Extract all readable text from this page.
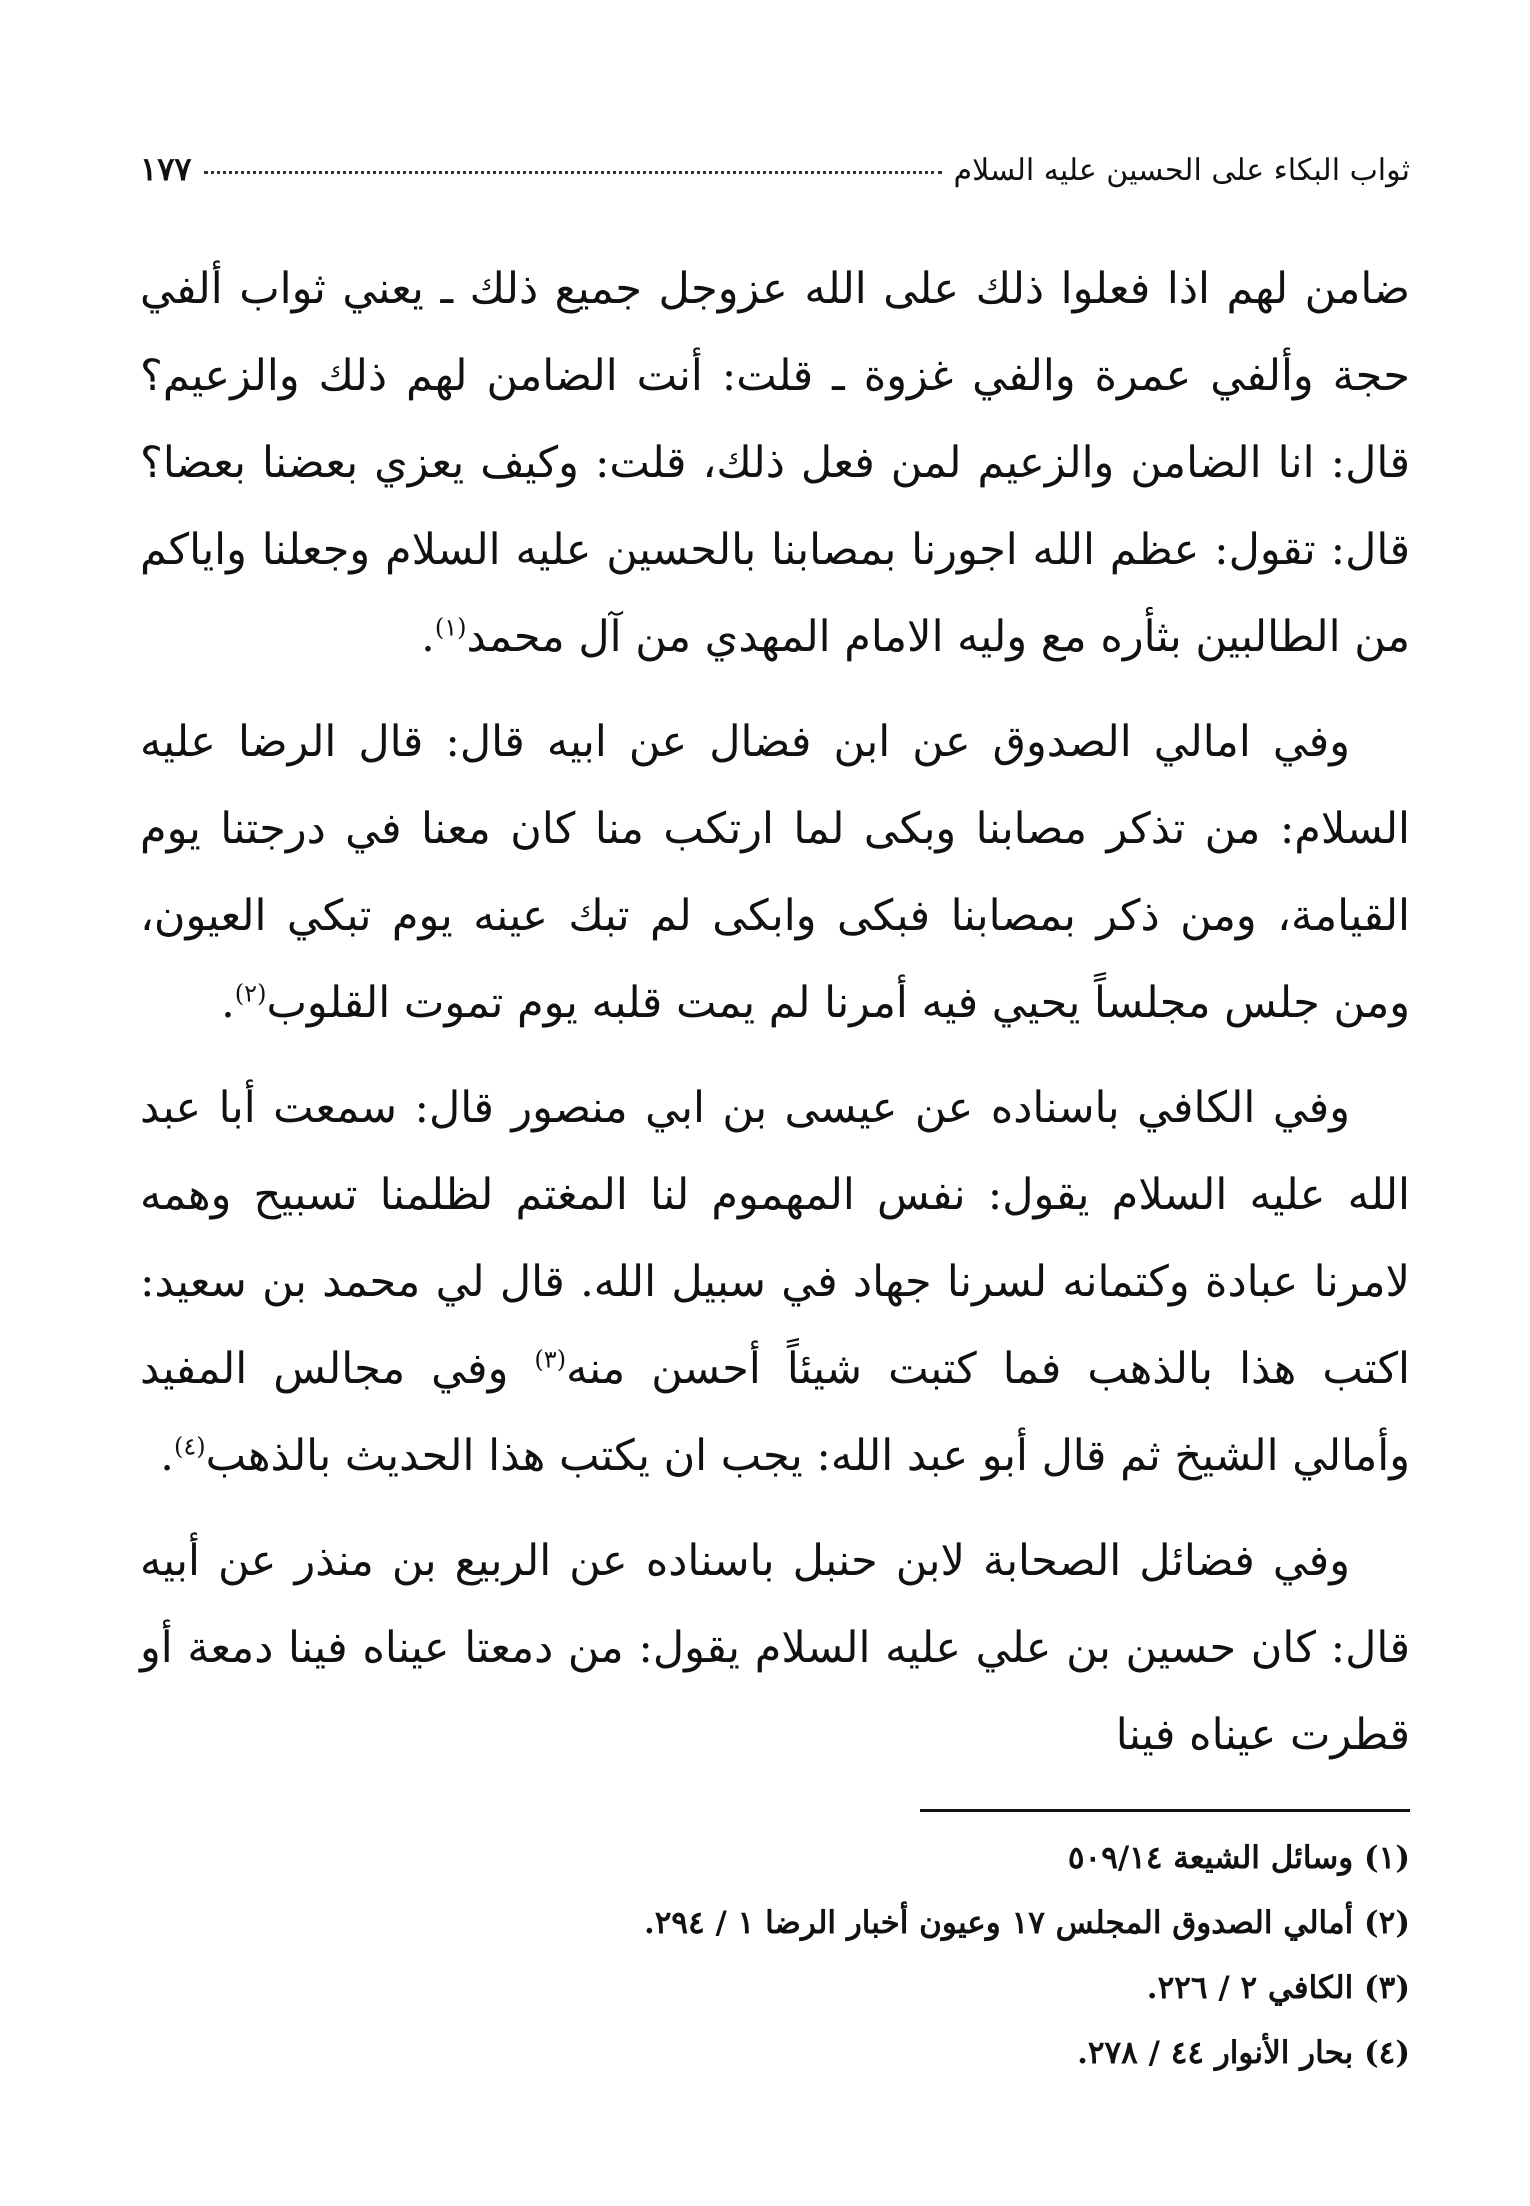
ثواب البكاء على الحسين عليه السلام
١٧٧

ضامن لهم اذا فعلوا ذلك على الله عزوجل جميع ذلك ـ يعني ثواب ألفي حجة وألفي عمرة والفي غزوة ـ قلت: أنت الضامن لهم ذلك والزعيم؟ قال: انا الضامن والزعيم لمن فعل ذلك، قلت: وكيف يعزي بعضنا بعضا؟ قال: تقول: عظم الله اجورنا بمصابنا بالحسين عليه السلام وجعلنا واياكم من الطالبين بثأره مع وليه الامام المهدي من آل محمد$^{(١)}$.

وفي امالي الصدوق عن ابن فضال عن ابيه قال: قال الرضا عليه السلام: من تذكر مصابنا وبكى لما ارتكب منا كان معنا في درجتنا يوم القيامة، ومن ذكر بمصابنا فبكى وابكى لم تبك عينه يوم تبكي العيون، ومن جلس مجلساً يحيي فيه أمرنا لم يمت قلبه يوم تموت القلوب$^{(٢)}$.

وفي الكافي باسناده عن عيسى بن ابي منصور قال: سمعت أبا عبد الله عليه السلام يقول: نفس المهموم لنا المغتم لظلمنا تسبيح وهمه لامرنا عبادة وكتمانه لسرنا جهاد في سبيل الله. قال لي محمد بن سعيد: اكتب هذا بالذهب فما كتبت شيئاً أحسن منه$^{(٣)}$ وفي مجالس المفيد وأمالي الشيخ ثم قال أبو عبد الله: يجب ان يكتب هذا الحديث بالذهب$^{(٤)}$.

وفي فضائل الصحابة لابن حنبل باسناده عن الربيع بن منذر عن أبيه قال: كان حسين بن علي عليه السلام يقول: من دمعتا عيناه فينا دمعة أو قطرت عيناه فينا

(١) وسائل الشيعة ٥٠٩/١٤
(٢) أمالي الصدوق المجلس ١٧ وعيون أخبار الرضا ١ / ٢٩٤.
(٣) الكافي ٢ / ٢٢٦.
(٤) بحار الأنوار ٤٤ / ٢٧٨.
